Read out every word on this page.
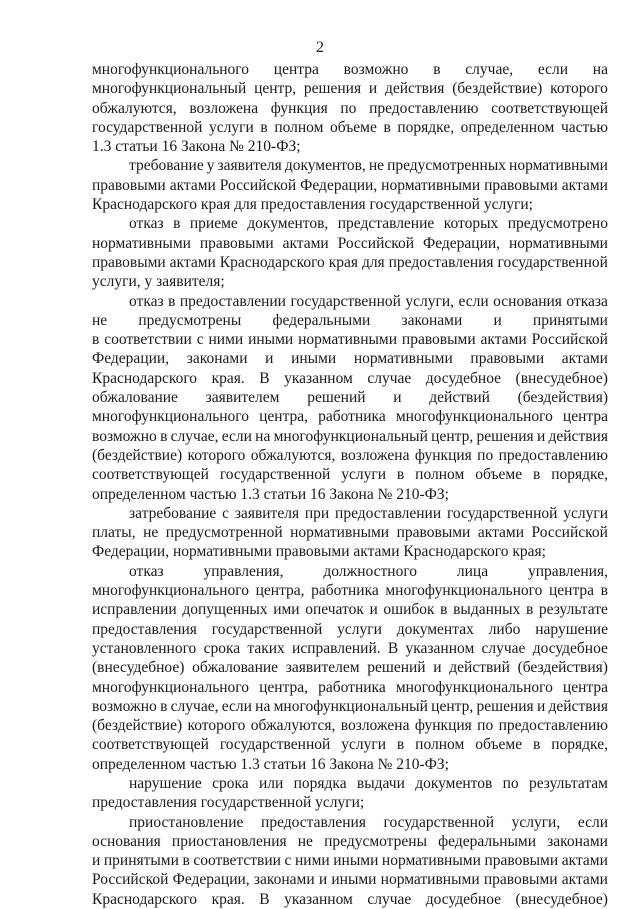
2
многофункционального центра возможно в случае, если на
многофункциональный центр, решения и действия (бездействие) которого
обжалуются, возложена функция по предоставлению соответствующей
государственной услуги в полном объеме в порядке, определенном частью
1.3 статьи 16 Закона № 210-ФЗ;
требование у заявителя документов, не предусмотренных нормативными
правовыми актами Российской Федерации, нормативными правовыми актами
Краснодарского края для предоставления государственной услуги;
отказ в приеме документов, представление которых предусмотрено
нормативными правовыми актами Российской Федерации, нормативными
правовыми актами Краснодарского края для предоставления государственной
услуги, у заявителя;
отказ в предоставлении государственной услуги, если основания отказа
не предусмотрены федеральными законами и принятыми
в соответствии с ними иными нормативными правовыми актами Российской
Федерации, законами и иными нормативными правовыми актами
Краснодарского края. В указанном случае досудебное (внесудебное)
обжалование заявителем решений и действий (бездействия)
многофункционального центра, работника многофункционального центра
возможно в случае, если на многофункциональный центр, решения и действия
(бездействие) которого обжалуются, возложена функция по предоставлению
соответствующей государственной услуги в полном объеме в порядке,
определенном частью 1.3 статьи 16 Закона № 210-ФЗ;
затребование с заявителя при предоставлении государственной услуги
платы, не предусмотренной нормативными правовыми актами Российской
Федерации, нормативными правовыми актами Краснодарского края;
отказ	управления,	должностного	лица	управления,
многофункционального центра, работника многофункционального центра в
исправлении допущенных ими опечаток и ошибок в выданных в результате
предоставления государственной услуги документах либо нарушение
установленного срока таких исправлений. В указанном случае досудебное
(внесудебное) обжалование заявителем решений и действий (бездействия)
многофункционального центра, работника многофункционального центра
возможно в случае, если на многофункциональный центр, решения и действия
(бездействие) которого обжалуются, возложена функция по предоставлению
соответствующей государственной услуги в полном объеме в порядке,
определенном частью 1.3 статьи 16 Закона № 210-ФЗ;
нарушение срока или порядка выдачи документов по результатам
предоставления государственной услуги;
приостановление предоставления государственной услуги, если
основания приостановления не предусмотрены федеральными законами
и принятыми в соответствии с ними иными нормативными правовыми актами
Российской Федерации, законами и иными нормативными правовыми актами
Краснодарского края. В указанном случае досудебное (внесудебное)
